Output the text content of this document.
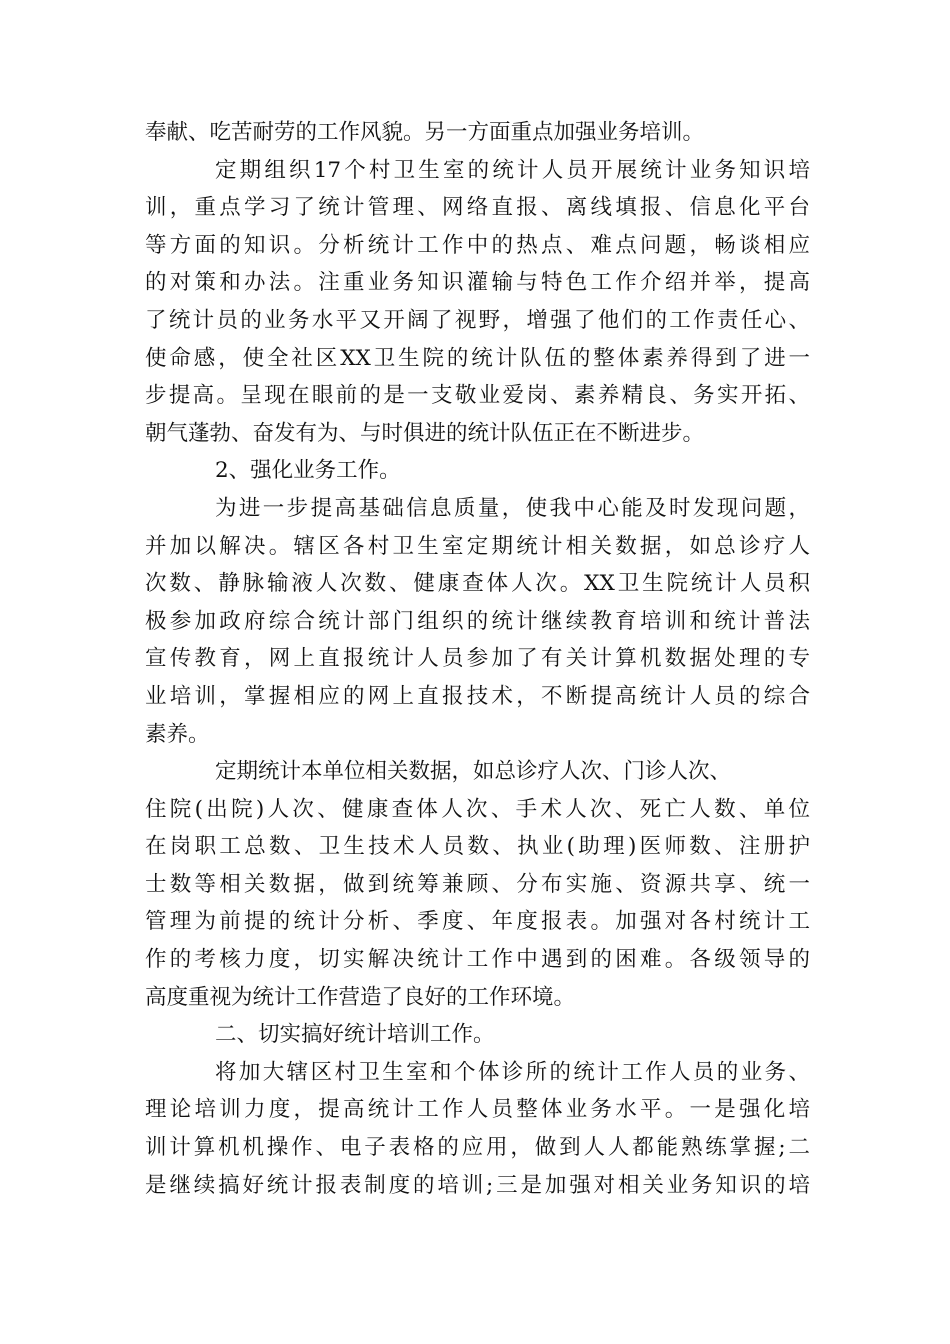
奉献、吃苦耐劳的工作风貌。另一方面重点加强业务培训。
定期组织17个村卫生室的统计人员开展统计业务知识培
训，重点学习了统计管理、网络直报、离线填报、信息化平台
等方面的知识。分析统计工作中的热点、难点问题，畅谈相应
的对策和办法。注重业务知识灌输与特色工作介绍并举，提高
了统计员的业务水平又开阔了视野，增强了他们的工作责任心、
使命感，使全社区XX卫生院的统计队伍的整体素养得到了进一
步提高。呈现在眼前的是一支敬业爱岗、素养精良、务实开拓、
朝气蓬勃、奋发有为、与时俱进的统计队伍正在不断进步。
2、强化业务工作。
为进一步提高基础信息质量，使我中心能及时发现问题，
并加以解决。辖区各村卫生室定期统计相关数据，如总诊疗人
次数、静脉输液人次数、健康查体人次。XX卫生院统计人员积
极参加政府综合统计部门组织的统计继续教育培训和统计普法
宣传教育，网上直报统计人员参加了有关计算机数据处理的专
业培训，掌握相应的网上直报技术，不断提高统计人员的综合
素养。
定期统计本单位相关数据，如总诊疗人次、门诊人次、
住院(出院)人次、健康查体人次、手术人次、死亡人数、单位
在岗职工总数、卫生技术人员数、执业(助理)医师数、注册护
士数等相关数据，做到统筹兼顾、分布实施、资源共享、统一
管理为前提的统计分析、季度、年度报表。加强对各村统计工
作的考核力度，切实解决统计工作中遇到的困难。各级领导的
高度重视为统计工作营造了良好的工作环境。
二、切实搞好统计培训工作。
将加大辖区村卫生室和个体诊所的统计工作人员的业务、
理论培训力度，提高统计工作人员整体业务水平。一是强化培
训计算机机操作、电子表格的应用，做到人人都能熟练掌握;二
是继续搞好统计报表制度的培训;三是加强对相关业务知识的培
